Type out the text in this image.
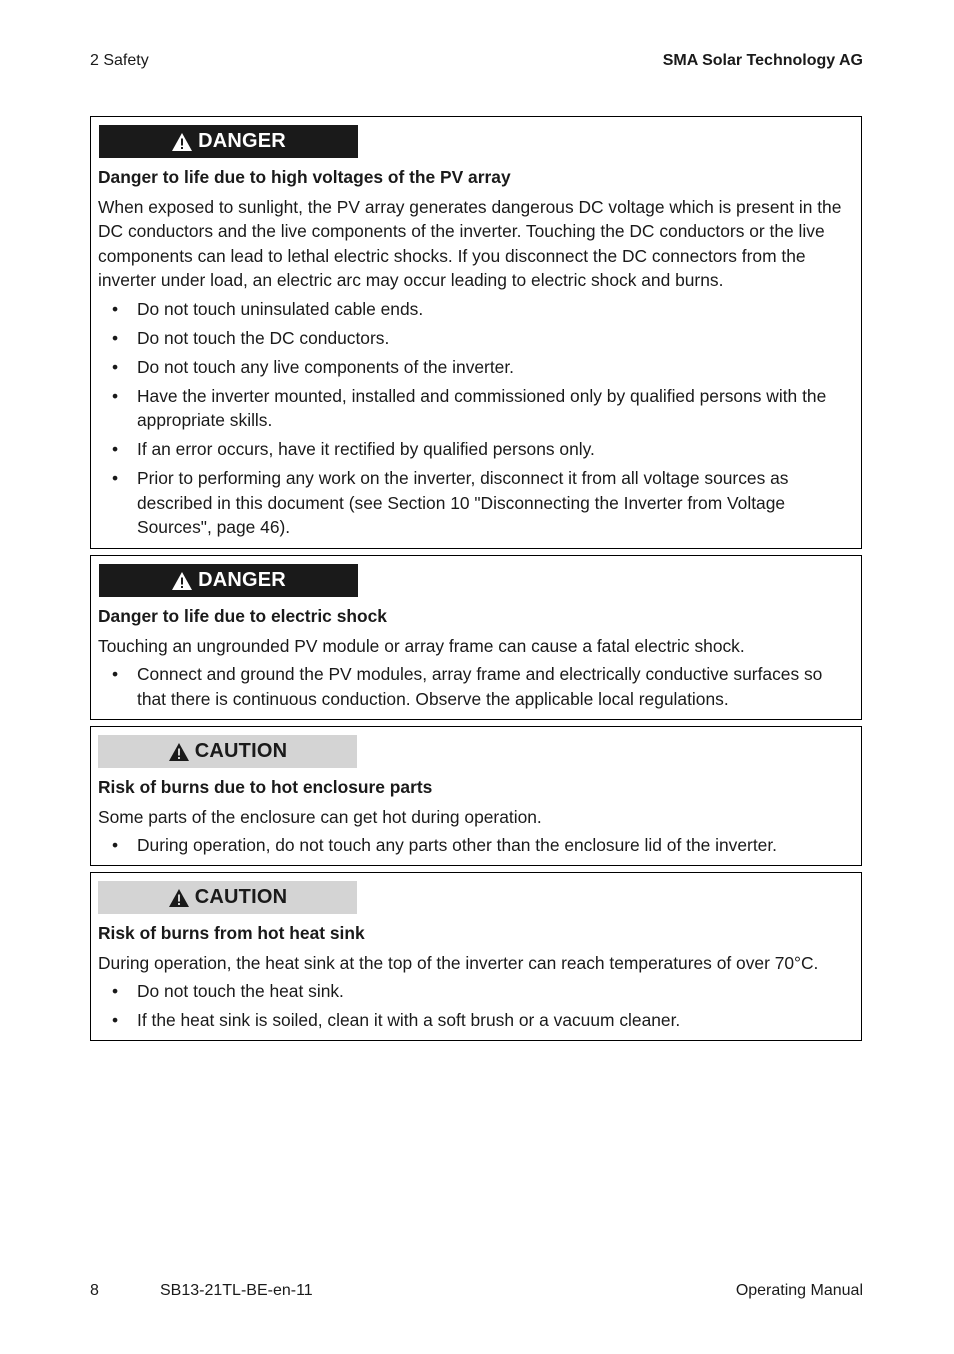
2 Safety	SMA Solar Technology AG
DANGER

Danger to life due to high voltages of the PV array

When exposed to sunlight, the PV array generates dangerous DC voltage which is present in the DC conductors and the live components of the inverter. Touching the DC conductors or the live components can lead to lethal electric shocks. If you disconnect the DC connectors from the inverter under load, an electric arc may occur leading to electric shock and burns.

• Do not touch uninsulated cable ends.
• Do not touch the DC conductors.
• Do not touch any live components of the inverter.
• Have the inverter mounted, installed and commissioned only by qualified persons with the appropriate skills.
• If an error occurs, have it rectified by qualified persons only.
• Prior to performing any work on the inverter, disconnect it from all voltage sources as described in this document (see Section 10 "Disconnecting the Inverter from Voltage Sources", page 46).
DANGER

Danger to life due to electric shock

Touching an ungrounded PV module or array frame can cause a fatal electric shock.

• Connect and ground the PV modules, array frame and electrically conductive surfaces so that there is continuous conduction. Observe the applicable local regulations.
CAUTION

Risk of burns due to hot enclosure parts

Some parts of the enclosure can get hot during operation.

• During operation, do not touch any parts other than the enclosure lid of the inverter.
CAUTION

Risk of burns from hot heat sink

During operation, the heat sink at the top of the inverter can reach temperatures of over 70°C.

• Do not touch the heat sink.
• If the heat sink is soiled, clean it with a soft brush or a vacuum cleaner.
8	SB13-21TL-BE-en-11	Operating Manual
